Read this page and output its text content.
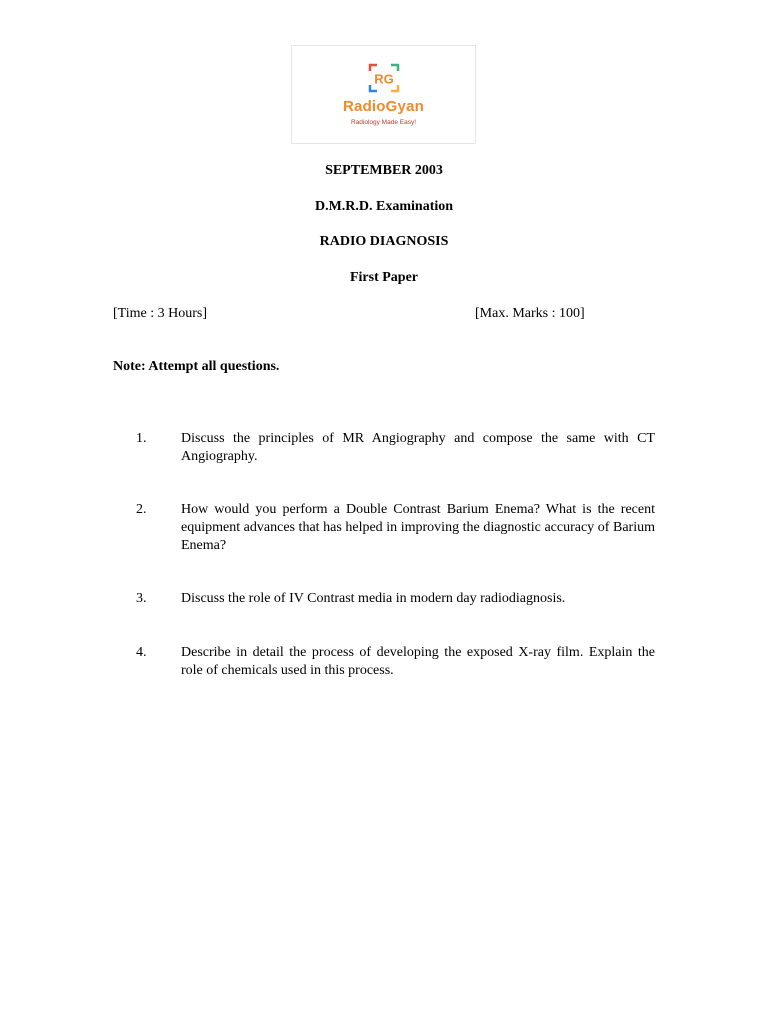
RG
RadioGyan
Radiology Made Easy!
SEPTEMBER 2003
D.M.R.D. Examination
RADIO DIAGNOSIS
First Paper
[Time : 3 Hours]	[Max. Marks : 100]
Note: Attempt all questions.
1. Discuss the principles of MR Angiography and compose the same with CT Angiography.
2. How would you perform a Double Contrast Barium Enema? What is the recent equipment advances that has helped in improving the diagnostic accuracy of Barium Enema?
3. Discuss the role of IV Contrast media in modern day radiodiagnosis.
4. Describe in detail the process of developing the exposed X-ray film. Explain the role of chemicals used in this process.
